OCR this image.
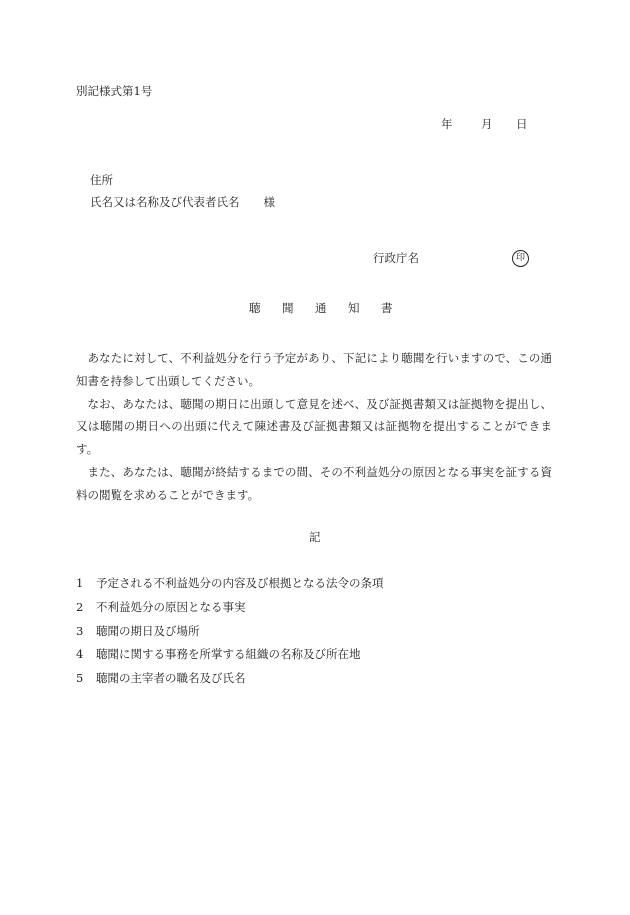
別記様式第1号
年 月 日
住所
氏名又は名称及び代表者氏名 様
行政庁名	印
聴聞通知書

あなたに対して、不利益処分を行う予定があり、下記により聴聞を行いますので、この通知書を持参して出頭してください。

なお、あなたは、聴聞の期日に出頭して意見を述べ、及び証拠書類又は証拠物を提出し、又は聴聞の期日への出頭に代えて陳述書及び証拠書類又は証拠物を提出することができます。

また、あなたは、聴聞が終結するまでの間、その不利益処分の原因となる事実を証する資料の閲覧を求めることができます。

記
1 予定される不利益処分の内容及び根拠となる法令の条項
2 不利益処分の原因となる事実
3 聴聞の期日及び場所
4 聴聞に関する事務を所掌する組織の名称及び所在地
5 聴聞の主宰者の職名及び氏名
